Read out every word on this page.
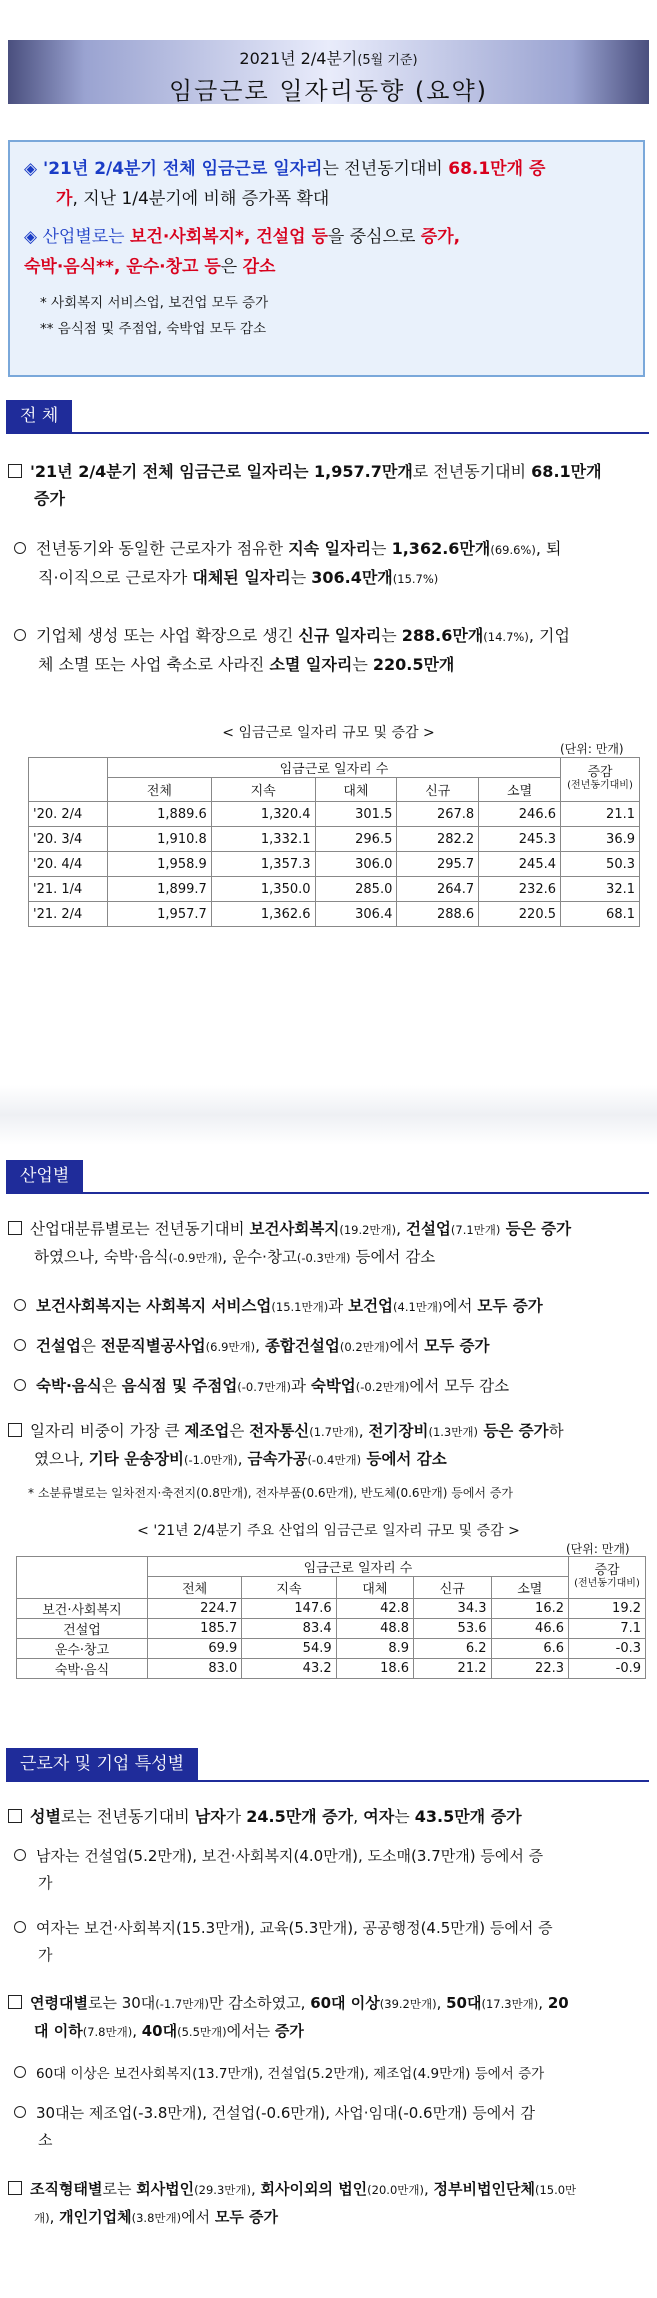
2021년 2/4분기(5월 기준)
임금근로 일자리동향 (요약)
◈ '21년 2/4분기 전체 임금근로 일자리는 전년동기대비 68.1만개 증
가, 지난 1/4분기에 비해 증가폭 확대
◈ 산업별로는 보건·사회복지*, 건설업 등을 중심으로 증가,
숙박·음식**, 운수·창고 등은 감소
* 사회복지 서비스업, 보건업 모두 증가
** 음식점 및 주점업, 숙박업 모두 감소
전 체
'21년 2/4분기 전체 임금근로 일자리는 1,957.7만개로 전년동기대비 68.1만개
증가
전년동기와 동일한 근로자가 점유한 지속 일자리는 1,362.6만개(69.6%), 퇴
직·이직으로 근로자가 대체된 일자리는 306.4만개(15.7%)
기업체 생성 또는 사업 확장으로 생긴 신규 일자리는 288.6만개(14.7%), 기업
체 소멸 또는 사업 축소로 사라진 소멸 일자리는 220.5만개
< 임금근로 일자리 규모 및 증감 >
(단위: 만개)
	임금근로 일자리 수					증감
(전년동기대비)
	전체	지속	대체	신규	소멸	
'20. 2/4	1,889.6	1,320.4	301.5	267.8	246.6	21.1
'20. 3/4	1,910.8	1,332.1	296.5	282.2	245.3	36.9
'20. 4/4	1,958.9	1,357.3	306.0	295.7	245.4	50.3
'21. 1/4	1,899.7	1,350.0	285.0	264.7	232.6	32.1
'21. 2/4	1,957.7	1,362.6	306.4	288.6	220.5	68.1
산업별
산업대분류별로는 전년동기대비 보건사회복지(19.2만개), 건설업(7.1만개) 등은 증가
하였으나, 숙박·음식(-0.9만개), 운수·창고(-0.3만개) 등에서 감소
보건사회복지는 사회복지 서비스업(15.1만개)과 보건업(4.1만개)에서 모두 증가
건설업은 전문직별공사업(6.9만개), 종합건설업(0.2만개)에서 모두 증가
숙박·음식은 음식점 및 주점업(-0.7만개)과 숙박업(-0.2만개)에서 모두 감소
일자리 비중이 가장 큰 제조업은 전자통신(1.7만개), 전기장비(1.3만개) 등은 증가하
였으나, 기타 운송장비(-1.0만개), 금속가공(-0.4만개) 등에서 감소
* 소분류별로는 일차전지·축전지(0.8만개), 전자부품(0.6만개), 반도체(0.6만개) 등에서 증가
< '21년 2/4분기 주요 산업의 임금근로 일자리 규모 및 증감 >
(단위: 만개)
	임금근로 일자리 수					증감
(전년동기대비)
	전체	지속	대체	신규	소멸	
보건·사회복지	224.7	147.6	42.8	34.3	16.2	19.2
건설업	185.7	83.4	48.8	53.6	46.6	7.1
운수·창고	69.9	54.9	8.9	6.2	6.6	-0.3
숙박·음식	83.0	43.2	18.6	21.2	22.3	-0.9
근로자 및 기업 특성별
성별로는 전년동기대비 남자가 24.5만개 증가, 여자는 43.5만개 증가
남자는 건설업(5.2만개), 보건·사회복지(4.0만개), 도소매(3.7만개) 등에서 증
가
여자는 보건·사회복지(15.3만개), 교육(5.3만개), 공공행정(4.5만개) 등에서 증
가
연령대별로는 30대(-1.7만개)만 감소하였고, 60대 이상(39.2만개), 50대(17.3만개), 20
대 이하(7.8만개), 40대(5.5만개)에서는 증가
60대 이상은 보건사회복지(13.7만개), 건설업(5.2만개), 제조업(4.9만개) 등에서 증가
30대는 제조업(-3.8만개), 건설업(-0.6만개), 사업·임대(-0.6만개) 등에서 감
소
조직형태별로는 회사법인(29.3만개), 회사이외의 법인(20.0만개), 정부비법인단체(15.0만
개), 개인기업체(3.8만개)에서 모두 증가
